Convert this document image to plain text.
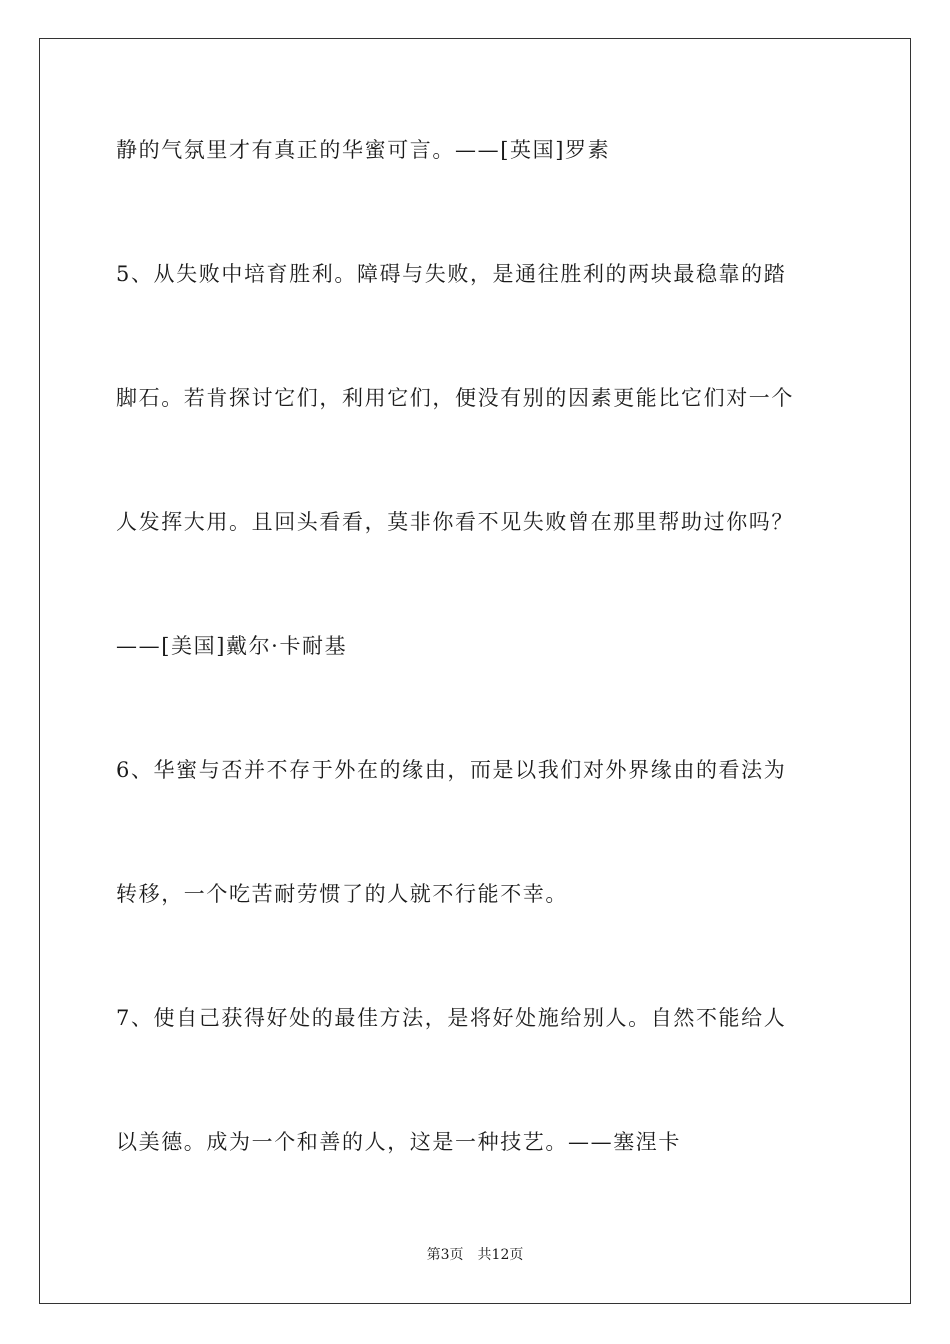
静的气氛里才有真正的华蜜可言。——[英国]罗素
5、从失败中培育胜利。障碍与失败，是通往胜利的两块最稳靠的踏
脚石。若肯探讨它们，利用它们，便没有别的因素更能比它们对一个
人发挥大用。且回头看看，莫非你看不见失败曾在那里帮助过你吗？
——[美国]戴尔·卡耐基
6、华蜜与否并不存于外在的缘由，而是以我们对外界缘由的看法为
转移，一个吃苦耐劳惯了的人就不行能不幸。
7、使自己获得好处的最佳方法，是将好处施给别人。自然不能给人
以美德。成为一个和善的人，这是一种技艺。——塞涅卡
第3页 共12页
